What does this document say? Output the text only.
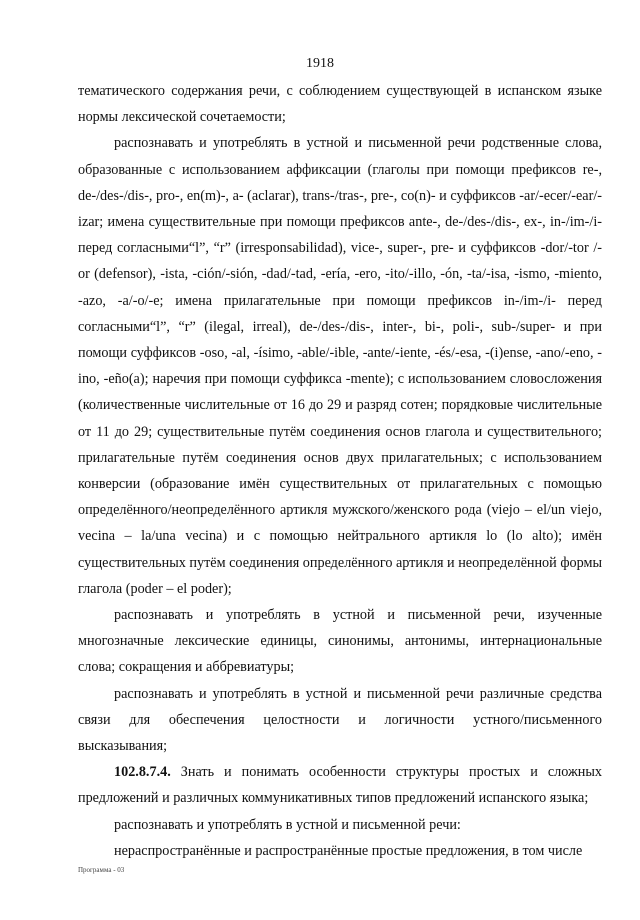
1918

тематического содержания речи, с соблюдением существующей в испанском языке нормы лексической сочетаемости;

распознавать и употреблять в устной и письменной речи родственные слова, образованные с использованием аффиксации (глаголы при помощи префиксов re-, de-/des-/dis-, pro-, en(m)-, a- (aclarar), trans-/tras-, pre-, co(n)- и суффиксов -ar/-ecer/-ear/-izar; имена существительные при помощи префиксов ante-, de-/des-/dis-, ex-, in-/im-/i- перед согласными“l”, “r” (irresponsabilidad), vice-, super-, pre- и суффиксов -dor/-tor /-or (defensor), -ista, -ción/-sión, -dad/-tad, -ería, -ero, -ito/-illo, -ón, -ta/-isa, -ismo, -miento, -azo, -a/-o/-e; имена прилагательные при помощи префиксов in-/im-/i- перед согласными“l”, “r” (ilegal, irreal), de-/des-/dis-, inter-, bi-, poli-, sub-/super- и при помощи суффиксов -oso, -al, -ísimo, -able/-ible, -ante/-iente, -és/-esa, -(i)ense, -ano/-eno, -ino, -eño(a); наречия при помощи суффикса -mente); с использованием словосложения (количественные числительные от 16 до 29 и разряд сотен; порядковые числительные от 11 до 29; существительные путём соединения основ глагола и существительного; прилагательные путём соединения основ двух прилагательных; с использованием конверсии (образование имён существительных от прилагательных с помощью определённого/неопределённого артикля мужского/женского рода (viejo – el/un viejo, vecina – la/una vecina) и с помощью нейтрального артикля lo (lo alto); имён существительных путём соединения определённого артикля и неопределённой формы глагола (poder – el poder);

распознавать и употреблять в устной и письменной речи, изученные многозначные лексические единицы, синонимы, антонимы, интернациональные слова; сокращения и аббревиатуры;

распознавать и употреблять в устной и письменной речи различные средства связи для обеспечения целостности и логичности устного/письменного высказывания;

102.8.7.4. Знать и понимать особенности структуры простых и сложных предложений и различных коммуникативных типов предложений испанского языка;

распознавать и употреблять в устной и письменной речи:

нераспространённые и распространённые простые предложения, в том числе

Программа - 03
